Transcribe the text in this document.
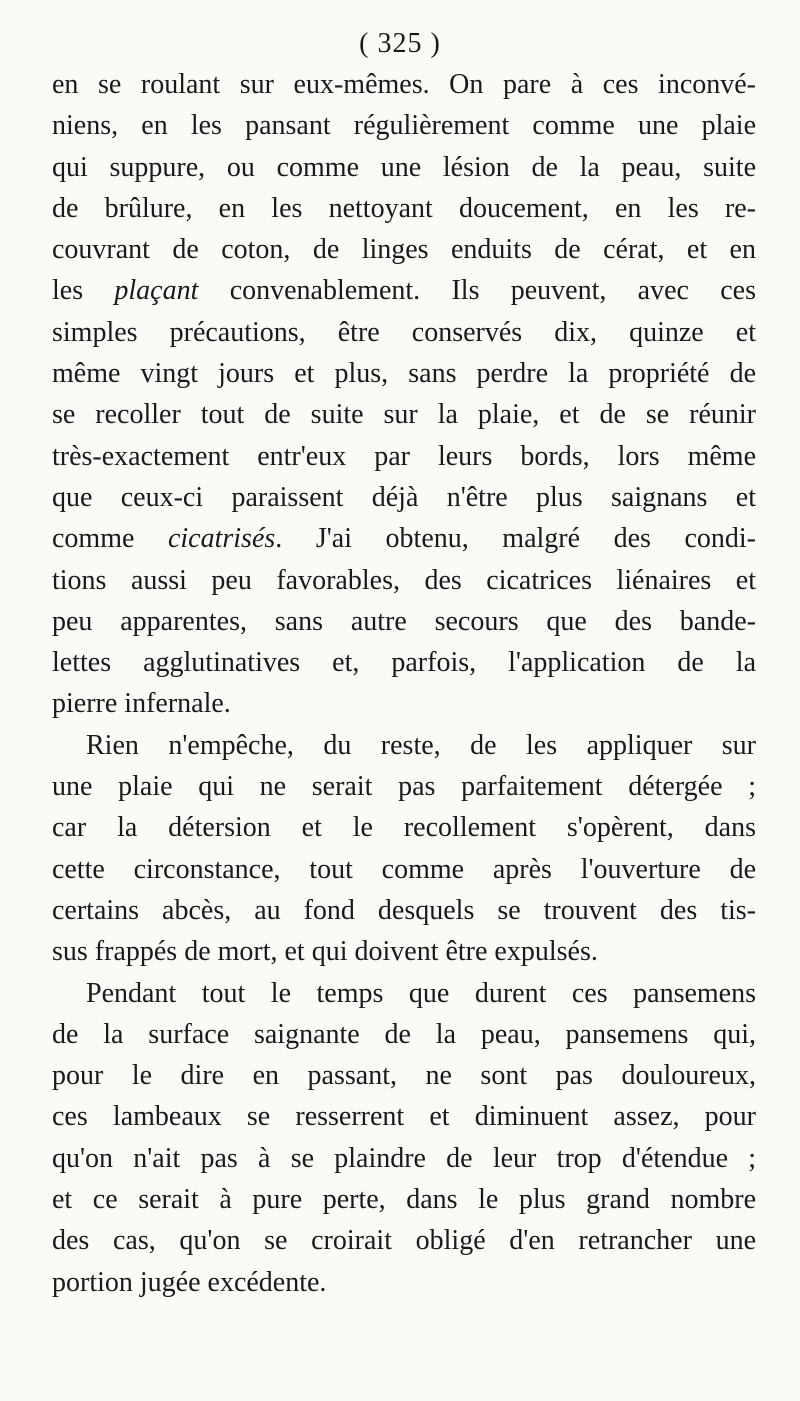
( 325 )
en se roulant sur eux-mêmes. On pare à ces inconvé-
niens, en les pansant régulièrement comme une plaie
qui suppure, ou comme une lésion de la peau, suite
de brûlure, en les nettoyant doucement, en les re-
couvrant de coton, de linges enduits de cérat, et en
les plaçant convenablement. Ils peuvent, avec ces
simples précautions, être conservés dix, quinze et
même vingt jours et plus, sans perdre la propriété de
se recoller tout de suite sur la plaie, et de se réunir
très-exactement entr'eux par leurs bords, lors même
que ceux-ci paraissent déjà n'être plus saignans et
comme cicatrisés. J'ai obtenu, malgré des condi-
tions aussi peu favorables, des cicatrices liénaires et
peu apparentes, sans autre secours que des bande-
lettes agglutinatives et, parfois, l'application de la
pierre infernale.
Rien n'empêche, du reste, de les appliquer sur
une plaie qui ne serait pas parfaitement détergée ;
car la détersion et le recollement s'opèrent, dans
cette circonstance, tout comme après l'ouverture de
certains abcès, au fond desquels se trouvent des tis-
sus frappés de mort, et qui doivent être expulsés.
Pendant tout le temps que durent ces pansemens
de la surface saignante de la peau, pansemens qui,
pour le dire en passant, ne sont pas douloureux,
ces lambeaux se resserrent et diminuent assez, pour
qu'on n'ait pas à se plaindre de leur trop d'étendue ;
et ce serait à pure perte, dans le plus grand nombre
des cas, qu'on se croirait obligé d'en retrancher une
portion jugée excédente.
